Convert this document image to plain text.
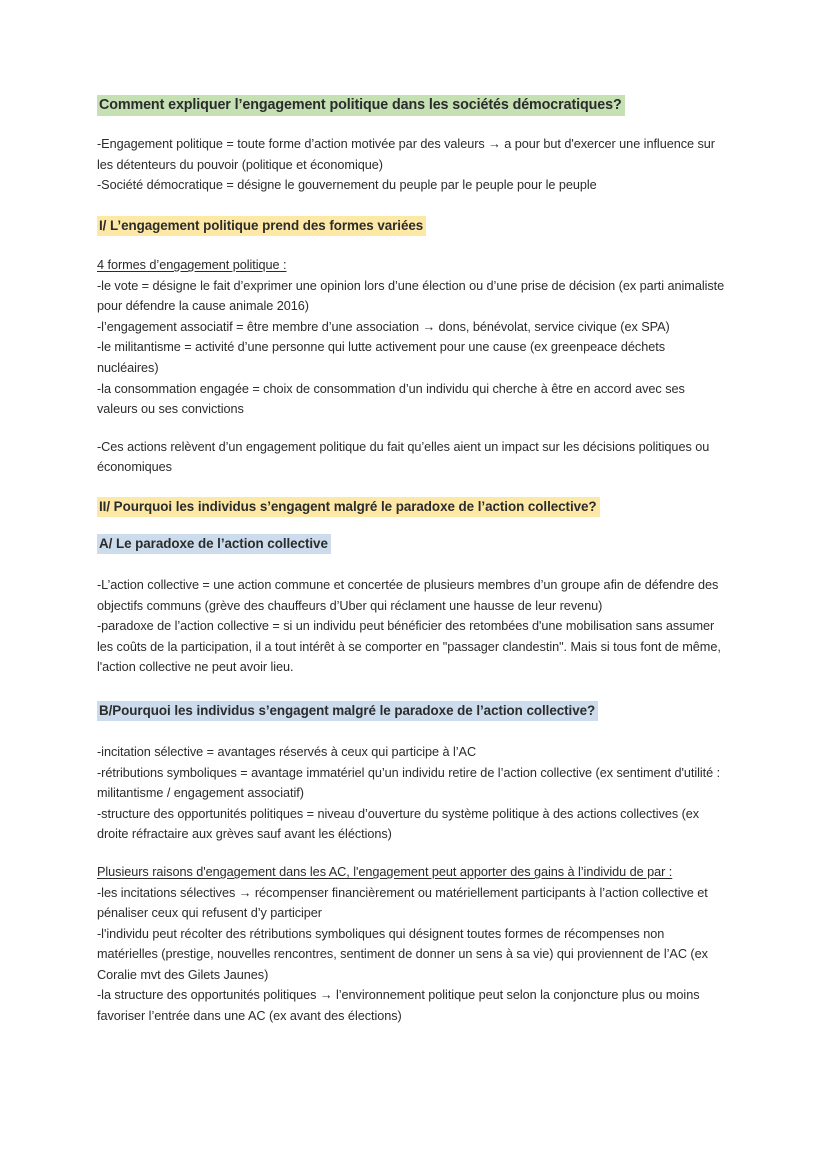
Comment expliquer l’engagement politique dans les sociétés démocratiques?

-Engagement politique = toute forme d’action motivée par des valeurs → a pour but d'exercer une influence sur les détenteurs du pouvoir (politique et économique)

-Société démocratique = désigne le gouvernement du peuple par le peuple pour le peuple

I/ L’engagement politique prend des formes variées

4 formes d’engagement politique :

-le vote = désigne le fait d’exprimer une opinion lors d’une élection ou d’une prise de décision (ex parti animaliste pour défendre la cause animale 2016)

-l’engagement associatif = être membre d’une association → dons, bénévolat, service civique (ex SPA)

-le militantisme = activité d’une personne qui lutte activement pour une cause (ex greenpeace déchets nucléaires)

-la consommation engagée = choix de consommation d’un individu qui cherche à être en accord avec ses valeurs ou ses convictions

-Ces actions relèvent d’un engagement politique du fait qu’elles aient un impact sur les décisions politiques ou économiques

II/ Pourquoi les individus s’engagent malgré le paradoxe de l’action collective?
A/ Le paradoxe de l’action collective

-L’action collective = une action commune et concertée de plusieurs membres d’un groupe afin de défendre des objectifs communs (grève des chauffeurs d’Uber qui réclament une hausse de leur revenu)

-paradoxe de l’action collective = si un individu peut bénéficier des retombées d'une mobilisation sans assumer les coûts de la participation, il a tout intérêt à se comporter en "passager clandestin". Mais si tous font de même, l'action collective ne peut avoir lieu.

B/Pourquoi les individus s’engagent malgré le paradoxe de l’action collective?

-incitation sélective = avantages réservés à ceux qui participe à l’AC

-rétributions symboliques = avantage immatériel qu’un individu retire de l’action collective (ex sentiment d'utilité : militantisme / engagement associatif)

-structure des opportunités politiques = niveau d’ouverture du système politique à des actions collectives (ex droite réfractaire aux grèves sauf avant les éléctions)

Plusieurs raisons d'engagement dans les AC, l'engagement peut apporter des gains à l’individu de par :

-les incitations sélectives → récompenser financièrement ou matériellement participants à l’action collective et pénaliser ceux qui refusent d’y participer

-l'individu peut récolter des rétributions symboliques qui désignent toutes formes de récompenses non matérielles (prestige, nouvelles rencontres, sentiment de donner un sens à sa vie) qui proviennent de l’AC (ex Coralie mvt des Gilets Jaunes)

-la structure des opportunités politiques → l’environnement politique peut selon la conjoncture plus ou moins favoriser l’entrée dans une AC (ex avant des élections)
